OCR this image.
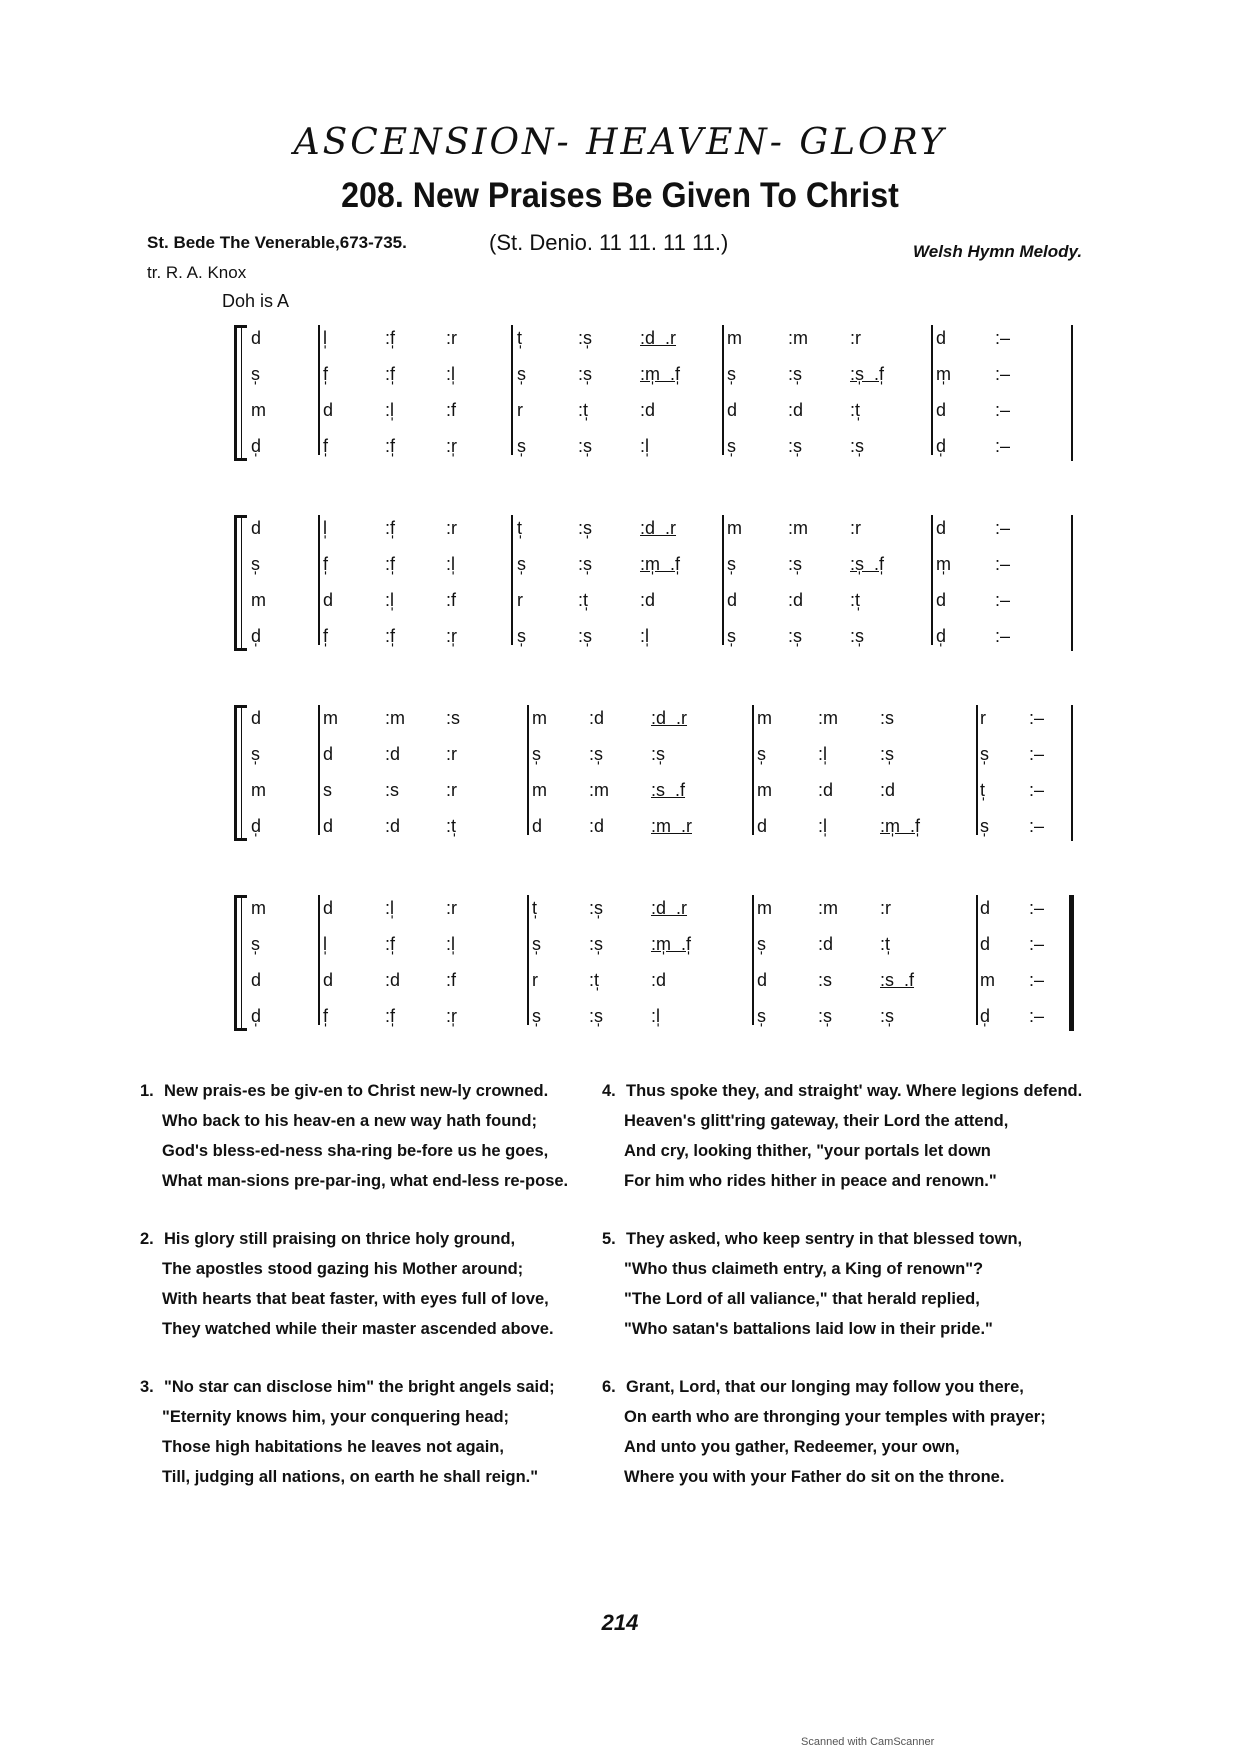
ASCENSION- HEAVEN- GLORY
208. New Praises Be Given To Christ
St. Bede The Venerable,673-735.
tr. R. A. Knox
(St. Denio. 11 11. 11 11.)	Welsh Hymn Melody.
Doh is A
d	l̩	:f̩	:r	t̩	:s̩	:d  .r	m	:m :r	d	:–
s̩	f̩	:f̩	:l̩	s̩	:s̩	:m̩  .f̩	s̩	:s̩	:s̩  .f̩	m̩ :–
m	d	:l̩	:f	r	:t̩	:d	d	:d	:t̩	d	:–
d̩	f̩	:f̩	:r̩	s̩	:s̩	:l̩	s̩	:s̩	:s̩	d̩	:–
d	l̩	:f̩	:r	t̩	:s̩	:d  .r	m	:m :r	d	:–
s̩	f̩	:f̩	:l̩	s̩	:s̩	:m̩  .f̩	s̩	:s̩	:s̩  .f̩	m̩ :–
m	d	:l̩	:f	r	:t̩	:d	d	:d	:t̩	d	:–
d̩	f̩	:f̩	:r̩	s̩	:s̩	:l̩	s̩	:s̩	:s̩	d̩	:–
d	m	:m :s	m :d	:d  .r	m	:m :s	r :–
s̩	d	:d	:r	s̩	:s̩	:s̩	s̩	:l̩	:s̩	s̩ :–
m	s	:s	:r	m :m :s  .f	m	:d	:d	t̩ :–
d̩	d	:d	:t̩	d	:d	:m  .r	d	:l̩	:m̩  .f̩	s̩ :–
m	d	:l̩	:r	t̩	:s̩	:d  .r	m	:m :r	d :–
s̩	l̩	:f̩	:l̩	s̩	:s̩	:m̩  .f̩	s̩	:d	:t̩	d :–
d	d	:d	:f	r	:t̩	:d	d	:s	:s  .f	m :–
d̩	f̩	:f̩	:r̩	s̩	:s̩	:l̩	s̩	:s̩	:s̩	d̩ :–
1. New prais-es be giv-en to Christ new-ly crowned.
Who back to his heav-en a new way hath found;
God's bless-ed-ness sha-ring be-fore us he goes,
What man-sions pre-par-ing, what end-less re-pose.
2. His glory still praising on thrice holy ground,
The apostles stood gazing his Mother around;
With hearts that beat faster, with eyes full of love,
They watched while their master ascended above.
3. "No star can disclose him" the bright angels said;
"Eternity knows him, your conquering head;
Those high habitations he leaves not again,
Till, judging all nations, on earth he shall reign."
4. Thus spoke they, and straight' way. Where legions defend.
Heaven's glitt'ring gateway, their Lord the attend,
And cry, looking thither, "your portals let down
For him who rides hither in peace and renown."
5. They asked, who keep sentry in that blessed town,
"Who thus claimeth entry, a King of renown"?
"The Lord of all valiance," that herald replied,
"Who satan's battalions laid low in their pride."
6. Grant, Lord, that our longing may follow you there,
On earth who are thronging your temples with prayer;
And unto you gather, Redeemer, your own,
Where you with your Father do sit on the throne.
214
Scanned with CamScanner
